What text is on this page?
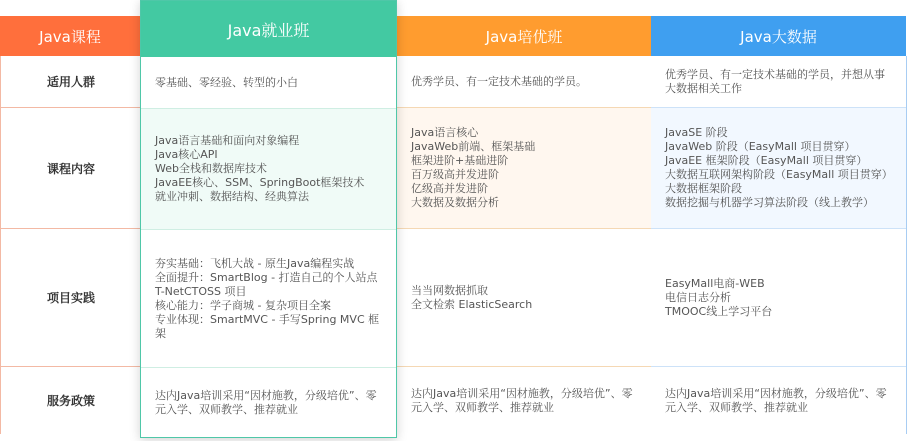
Java课程	Java培优班	Java大数据
适用人群
课程内容
项目实践
服务政策
优秀学员、有一定技术基础的学员。
Java语言核心
JavaWeb前端、框架基础
框架进阶+基础进阶
百万级高并发进阶
亿级高并发进阶
大数据及数据分析
当当网数据抓取
全文检索 ElasticSearch
达内Java培训采用“因材施教，分级培优”、零元入学、双师教学、推荐就业
优秀学员、有一定技术基础的学员，并想从事大数据相关工作
JavaSE 阶段
JavaWeb 阶段（EasyMall 项目贯穿）
JavaEE 框架阶段（EasyMall 项目贯穿）
大数据互联网架构阶段（EasyMall 项目贯穿）
大数据框架阶段
数据挖掘与机器学习算法阶段（线上教学）
EasyMall电商-WEB
电信日志分析
TMOOC线上学习平台
达内Java培训采用“因材施教，分级培优”、零元入学、双师教学、推荐就业
Java就业班
零基础、零经验、转型的小白
Java语言基础和面向对象编程
Java核心API
Web全栈和数据库技术
JavaEE核心、SSM、SpringBoot框架技术
就业冲刺、数据结构、经典算法
夯实基础：飞机大战 - 原生Java编程实战
全面提升：SmartBlog - 打造自己的个人站点
T-NetCTOSS 项目
核心能力：学子商城 - 复杂项目全案
专业体现：SmartMVC - 手写Spring MVC 框架
达内Java培训采用“因材施教，分级培优”、零元入学、双师教学、推荐就业
